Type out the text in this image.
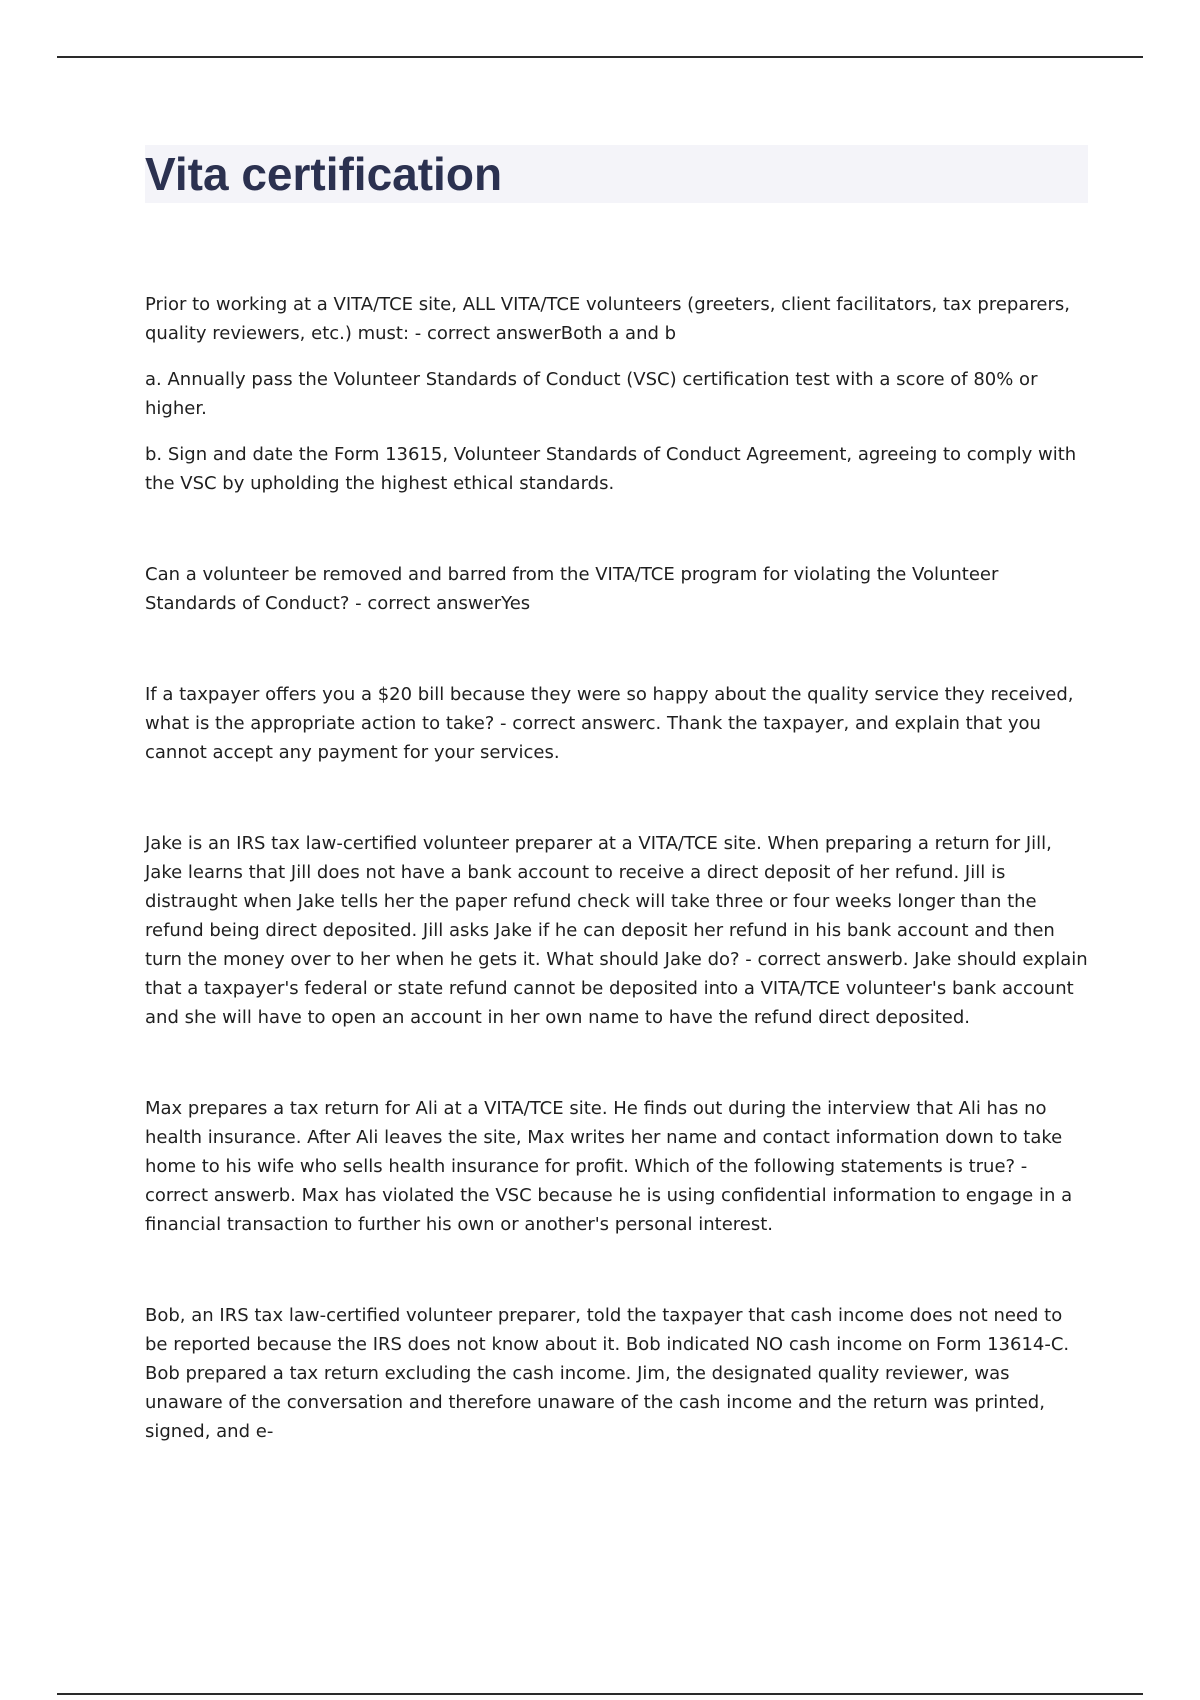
Vita certification

Prior to working at a VITA/TCE site, ALL VITA/TCE volunteers (greeters, client facilitators, tax preparers, quality reviewers, etc.) must: - correct answerBoth a and b

a. Annually pass the Volunteer Standards of Conduct (VSC) certification test with a score of 80% or higher.

b. Sign and date the Form 13615, Volunteer Standards of Conduct Agreement, agreeing to comply with the VSC by upholding the highest ethical standards.

Can a volunteer be removed and barred from the VITA/TCE program for violating the Volunteer Standards of Conduct? - correct answerYes

If a taxpayer offers you a $20 bill because they were so happy about the quality service they received, what is the appropriate action to take? - correct answerc. Thank the taxpayer, and explain that you cannot accept any payment for your services.

Jake is an IRS tax law-certified volunteer preparer at a VITA/TCE site. When preparing a return for Jill, Jake learns that Jill does not have a bank account to receive a direct deposit of her refund. Jill is distraught when Jake tells her the paper refund check will take three or four weeks longer than the refund being direct deposited. Jill asks Jake if he can deposit her refund in his bank account and then turn the money over to her when he gets it. What should Jake do? - correct answerb. Jake should explain that a taxpayer's federal or state refund cannot be deposited into a VITA/TCE volunteer's bank account and she will have to open an account in her own name to have the refund direct deposited.

Max prepares a tax return for Ali at a VITA/TCE site. He finds out during the interview that Ali has no health insurance. After Ali leaves the site, Max writes her name and contact information down to take home to his wife who sells health insurance for profit. Which of the following statements is true? - correct answerb. Max has violated the VSC because he is using confidential information to engage in a financial transaction to further his own or another's personal interest.

Bob, an IRS tax law-certified volunteer preparer, told the taxpayer that cash income does not need to be reported because the IRS does not know about it. Bob indicated NO cash income on Form 13614-C. Bob prepared a tax return excluding the cash income. Jim, the designated quality reviewer, was unaware of the conversation and therefore unaware of the cash income and the return was printed, signed, and e-
